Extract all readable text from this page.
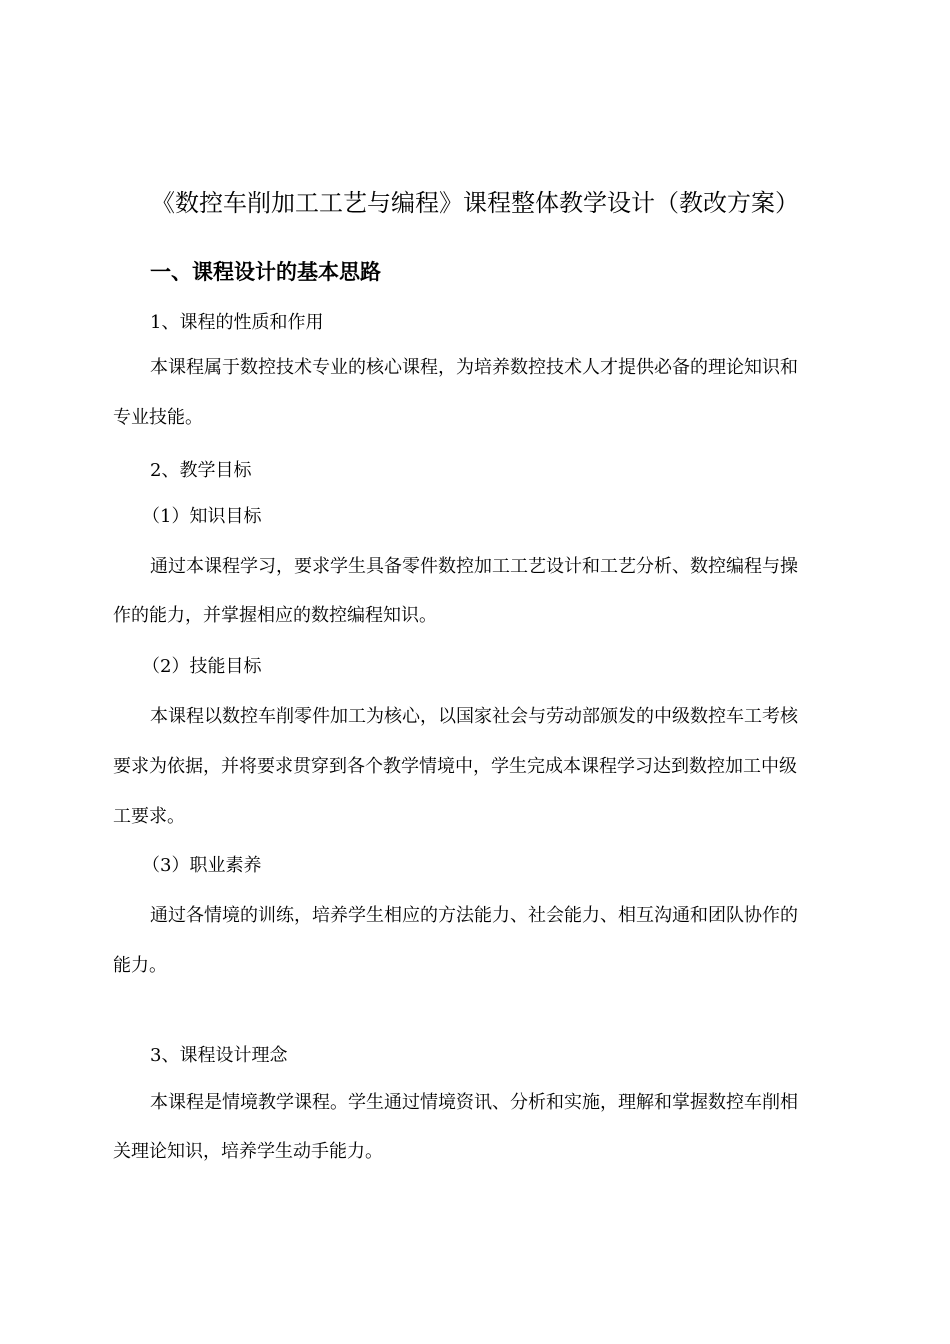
《数控车削加工工艺与编程》课程整体教学设计（教改方案）
一、课程设计的基本思路
1、课程的性质和作用
本课程属于数控技术专业的核心课程，为培养数控技术人才提供必备的理论知识和
专业技能。
2、教学目标
（1）知识目标
通过本课程学习，要求学生具备零件数控加工工艺设计和工艺分析、数控编程与操
作的能力，并掌握相应的数控编程知识。
（2）技能目标
本课程以数控车削零件加工为核心，以国家社会与劳动部颁发的中级数控车工考核
要求为依据，并将要求贯穿到各个教学情境中，学生完成本课程学习达到数控加工中级
工要求。
（3）职业素养
通过各情境的训练，培养学生相应的方法能力、社会能力、相互沟通和团队协作的
能力。
3、课程设计理念
本课程是情境教学课程。学生通过情境资讯、分析和实施，理解和掌握数控车削相
关理论知识，培养学生动手能力。
